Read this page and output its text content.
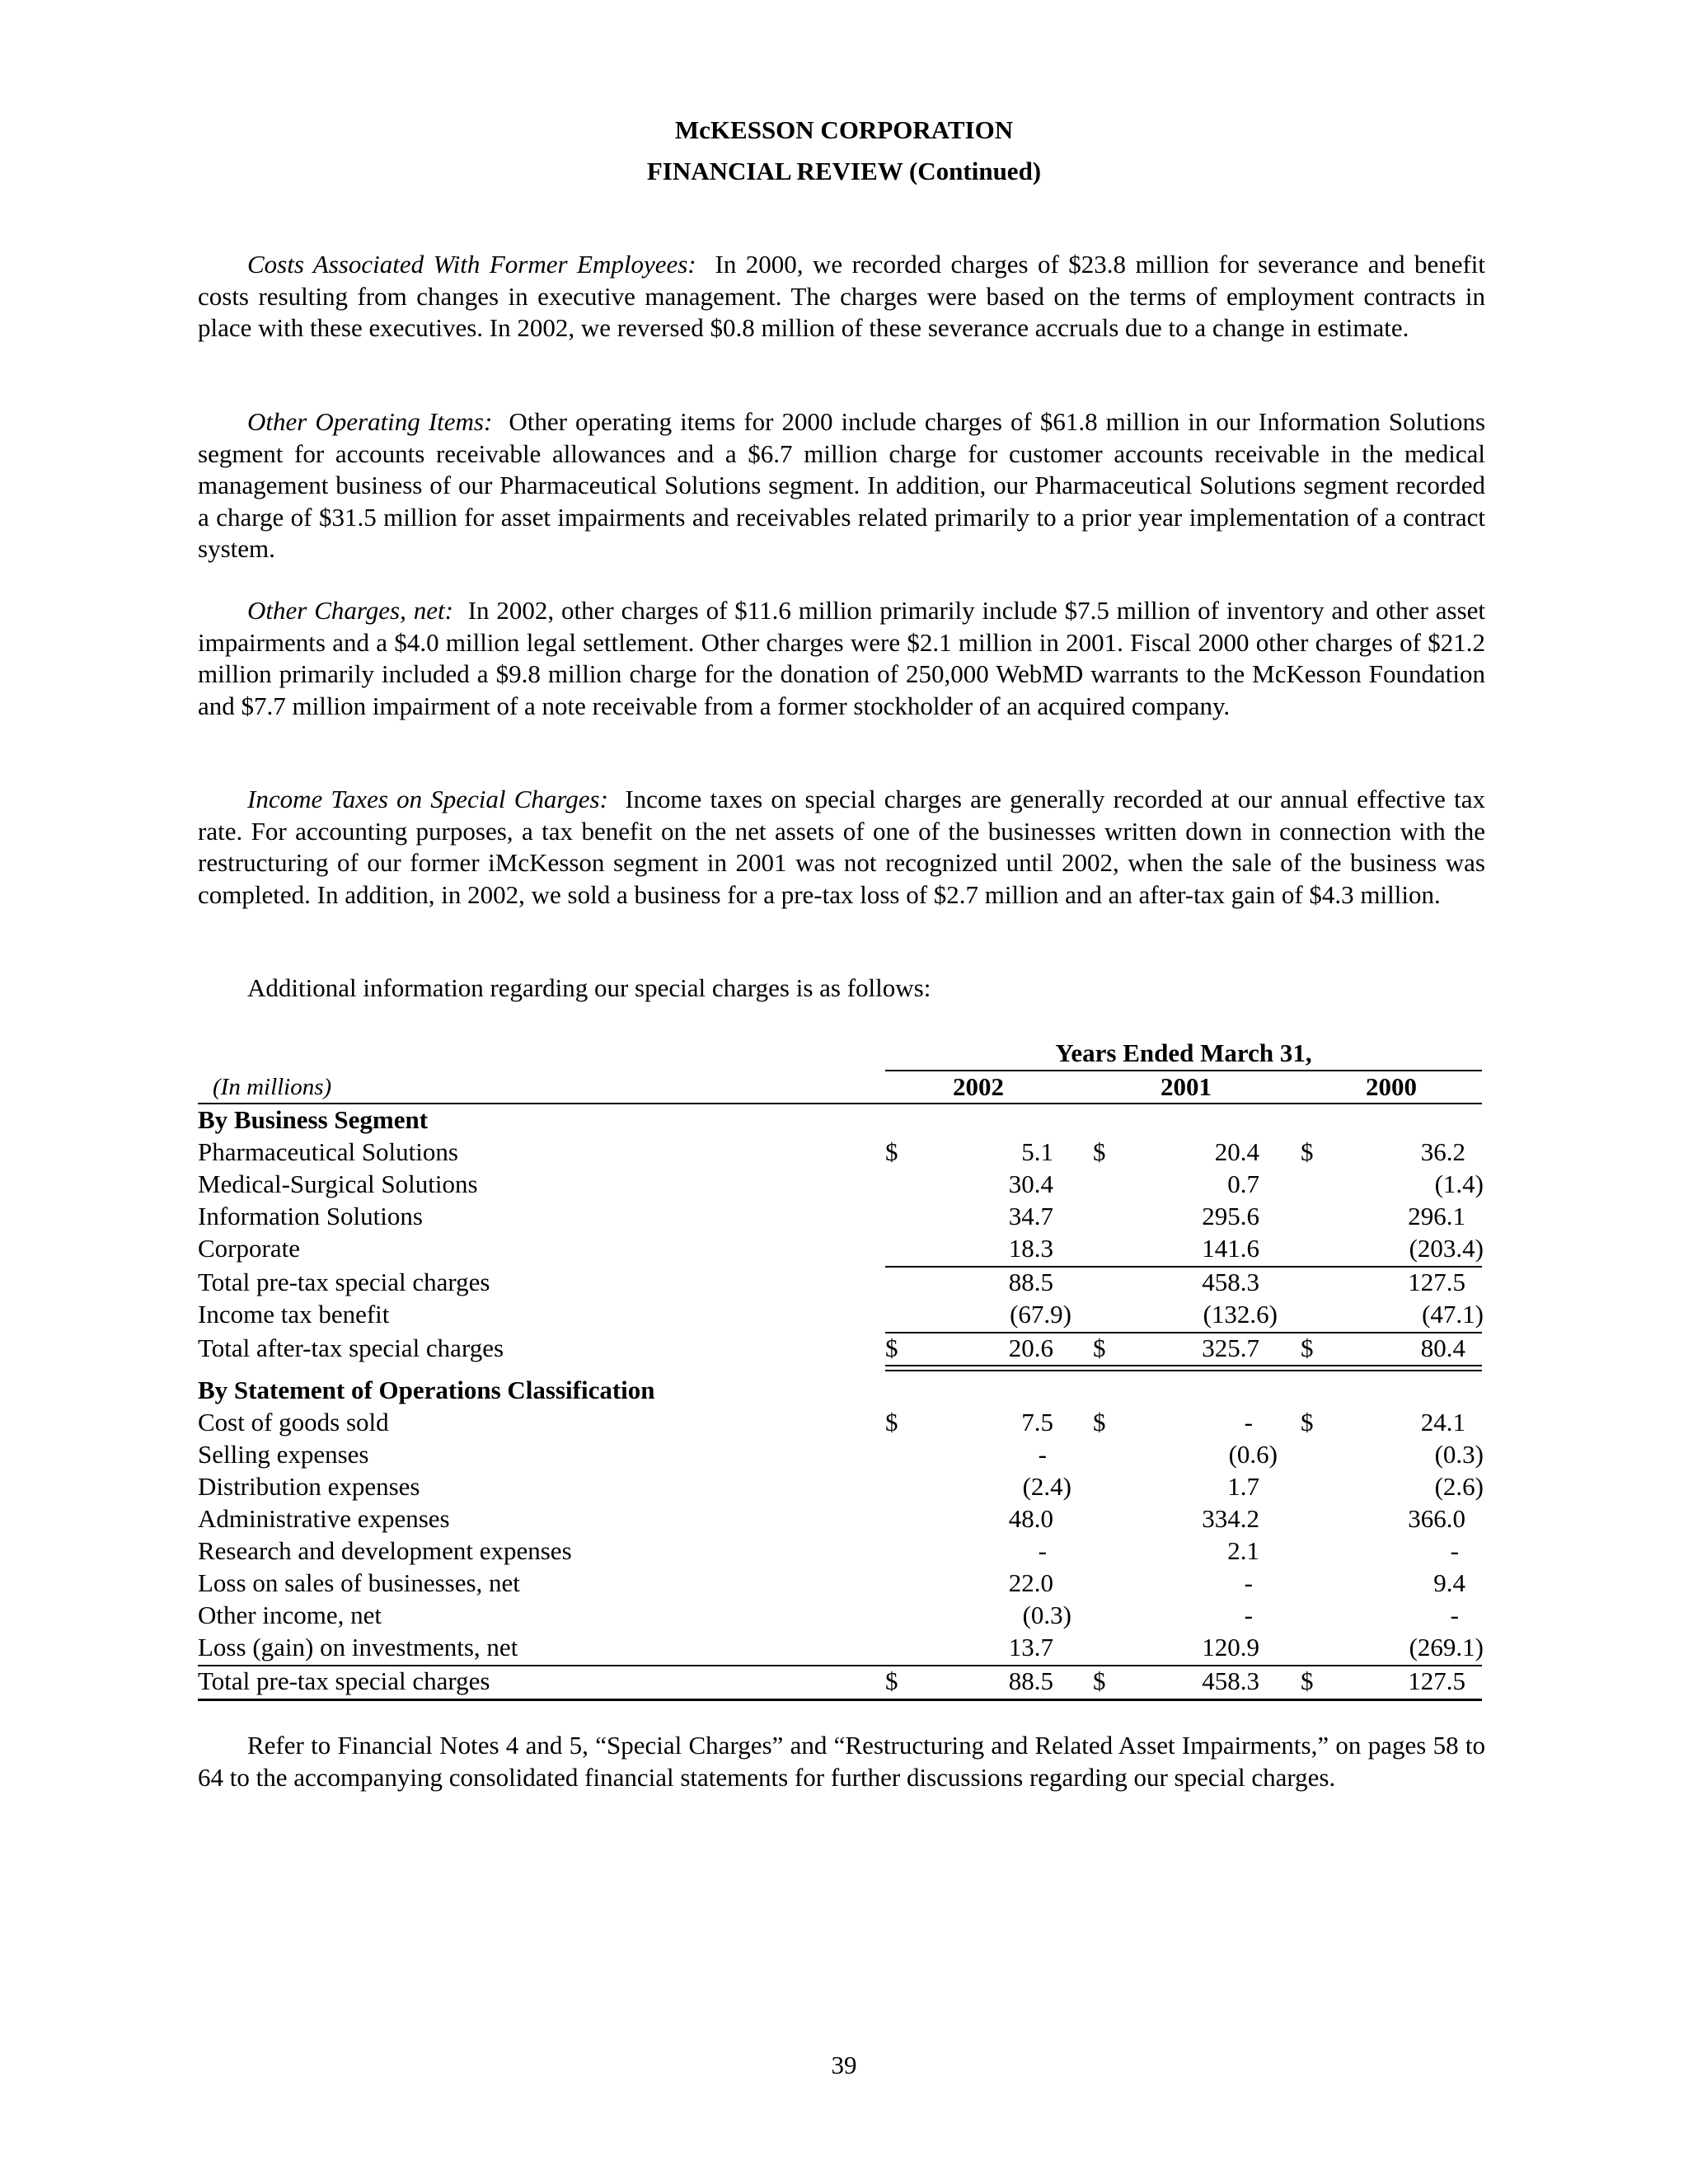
McKESSON CORPORATION
FINANCIAL REVIEW (Continued)

Costs Associated With Former Employees: In 2000, we recorded charges of $23.8 million for severance and benefit costs resulting from changes in executive management. The charges were based on the terms of employment contracts in place with these executives. In 2002, we reversed $0.8 million of these severance accruals due to a change in estimate.

Other Operating Items: Other operating items for 2000 include charges of $61.8 million in our Information Solutions segment for accounts receivable allowances and a $6.7 million charge for customer accounts receivable in the medical management business of our Pharmaceutical Solutions segment. In addition, our Pharmaceutical Solutions segment recorded a charge of $31.5 million for asset impairments and receivables related primarily to a prior year implementation of a contract system.

Other Charges, net: In 2002, other charges of $11.6 million primarily include $7.5 million of inventory and other asset impairments and a $4.0 million legal settlement. Other charges were $2.1 million in 2001. Fiscal 2000 other charges of $21.2 million primarily included a $9.8 million charge for the donation of 250,000 WebMD warrants to the McKesson Foundation and $7.7 million impairment of a note receivable from a former stockholder of an acquired company.

Income Taxes on Special Charges: Income taxes on special charges are generally recorded at our annual effective tax rate. For accounting purposes, a tax benefit on the net assets of one of the businesses written down in connection with the restructuring of our former iMcKesson segment in 2001 was not recognized until 2002, when the sale of the business was completed. In addition, in 2002, we sold a business for a pre-tax loss of $2.7 million and an after-tax gain of $4.3 million.

Additional information regarding our special charges is as follows:

Years Ended March 31,
(In millions)	2002	2001	2000
By Business Segment
Pharmaceutical Solutions	$	5.1 $	20.4 $	36.2
Medical-Surgical Solutions	30.4	0.7	(1.4)
Information Solutions	34.7	295.6	296.1
Corporate	18.3	141.6	(203.4)
Total pre-tax special charges	88.5	458.3	127.5
Income tax benefit	(67.9)	(132.6)	(47.1)
Total after-tax special charges	$	20.6 $	325.7 $	80.4
By Statement of Operations Classification
Cost of goods sold	$	7.5 $	- $	24.1
Selling expenses	-	(0.6)	(0.3)
Distribution expenses	(2.4)	1.7	(2.6)
Administrative expenses	48.0	334.2	366.0
Research and development expenses	-	2.1	-
Loss on sales of businesses, net	22.0	-	9.4
Other income, net	(0.3)	-	-
Loss (gain) on investments, net	13.7	120.9	(269.1)
Total pre-tax special charges	$	88.5 $	458.3 $	127.5

Refer to Financial Notes 4 and 5, “Special Charges” and “Restructuring and Related Asset Impairments,” on pages 58 to 64 to the accompanying consolidated financial statements for further discussions regarding our special charges.

39
